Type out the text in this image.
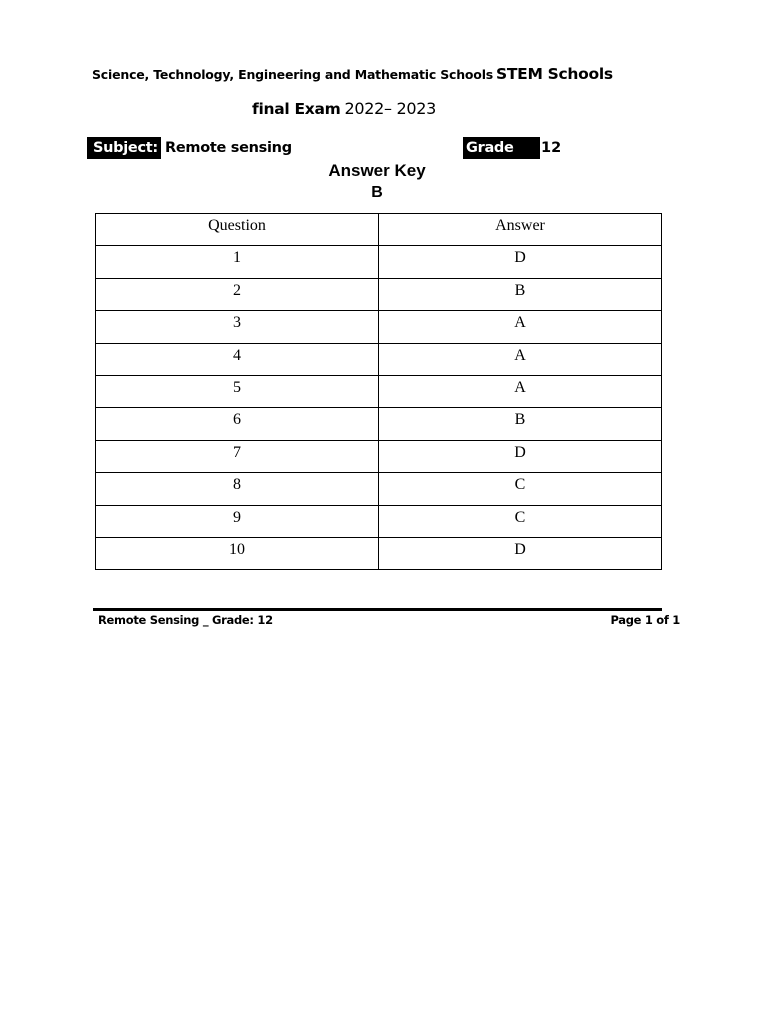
Science, Technology, Engineering and Mathematic Schools STEM Schools
final Exam 2022– 2023
Subject: Remote sensing	Grade	12
Answer Key
B
Question	Answer
1	D
2	B
3	A
4	A
5	A
6	B
7	D
8	C
9	C
10	D
Remote Sensing _ Grade: 12	Page 1 of 1
